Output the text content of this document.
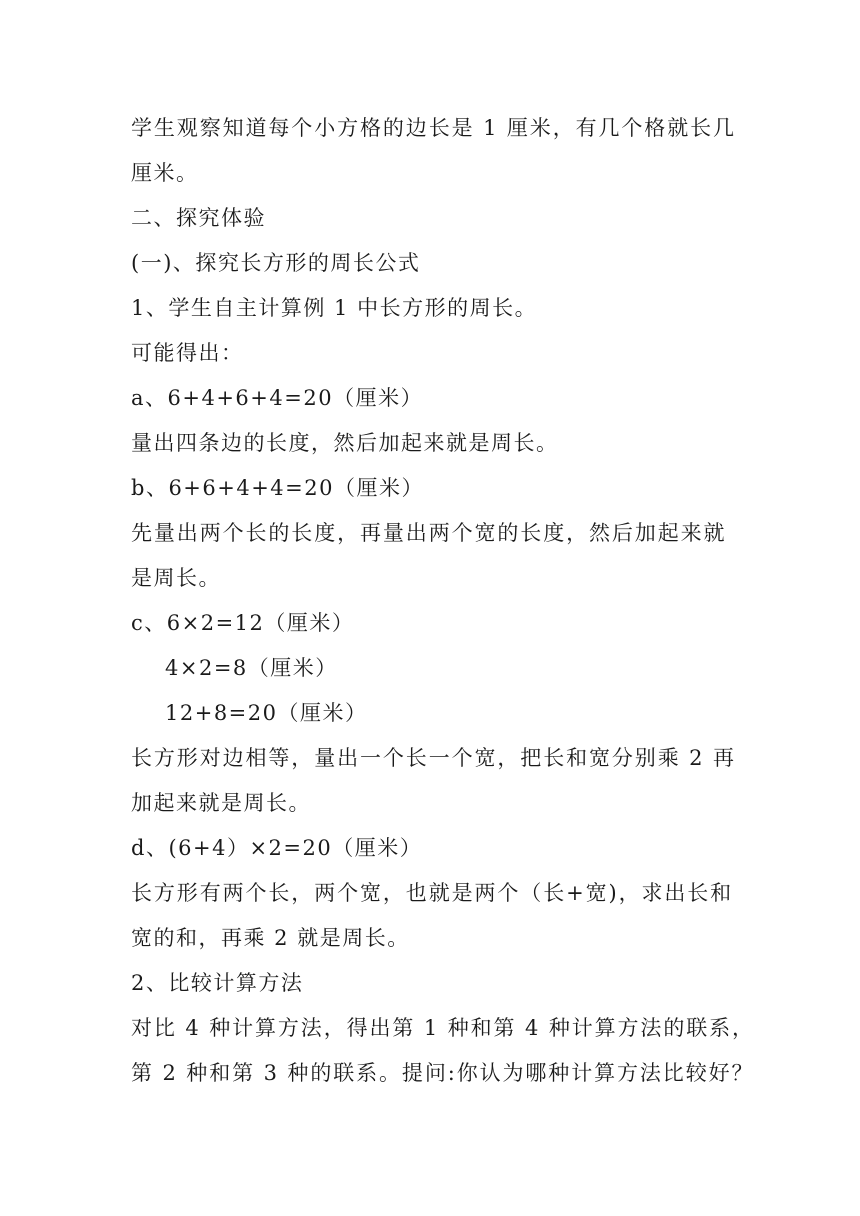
学生观察知道每个小方格的边长是 1 厘米，有几个格就长几
厘米。
二、探究体验
(一)、探究长方形的周长公式
1、学生自主计算例 1 中长方形的周长。
可能得出：
a、6+4+6+4=20（厘米）
量出四条边的长度，然后加起来就是周长。
b、6+6+4+4=20（厘米）
先量出两个长的长度，再量出两个宽的长度，然后加起来就
是周长。
c、6×2=12（厘米）
4×2=8（厘米）
12+8=20（厘米）
长方形对边相等，量出一个长一个宽，把长和宽分别乘 2 再
加起来就是周长。
d、(6+4）×2=20（厘米）
长方形有两个长，两个宽，也就是两个（长+宽)，求出长和
宽的和，再乘 2 就是周长。
2、比较计算方法
对比 4 种计算方法，得出第 1 种和第 4 种计算方法的联系，
第 2 种和第 3 种的联系。提问:你认为哪种计算方法比较好？
